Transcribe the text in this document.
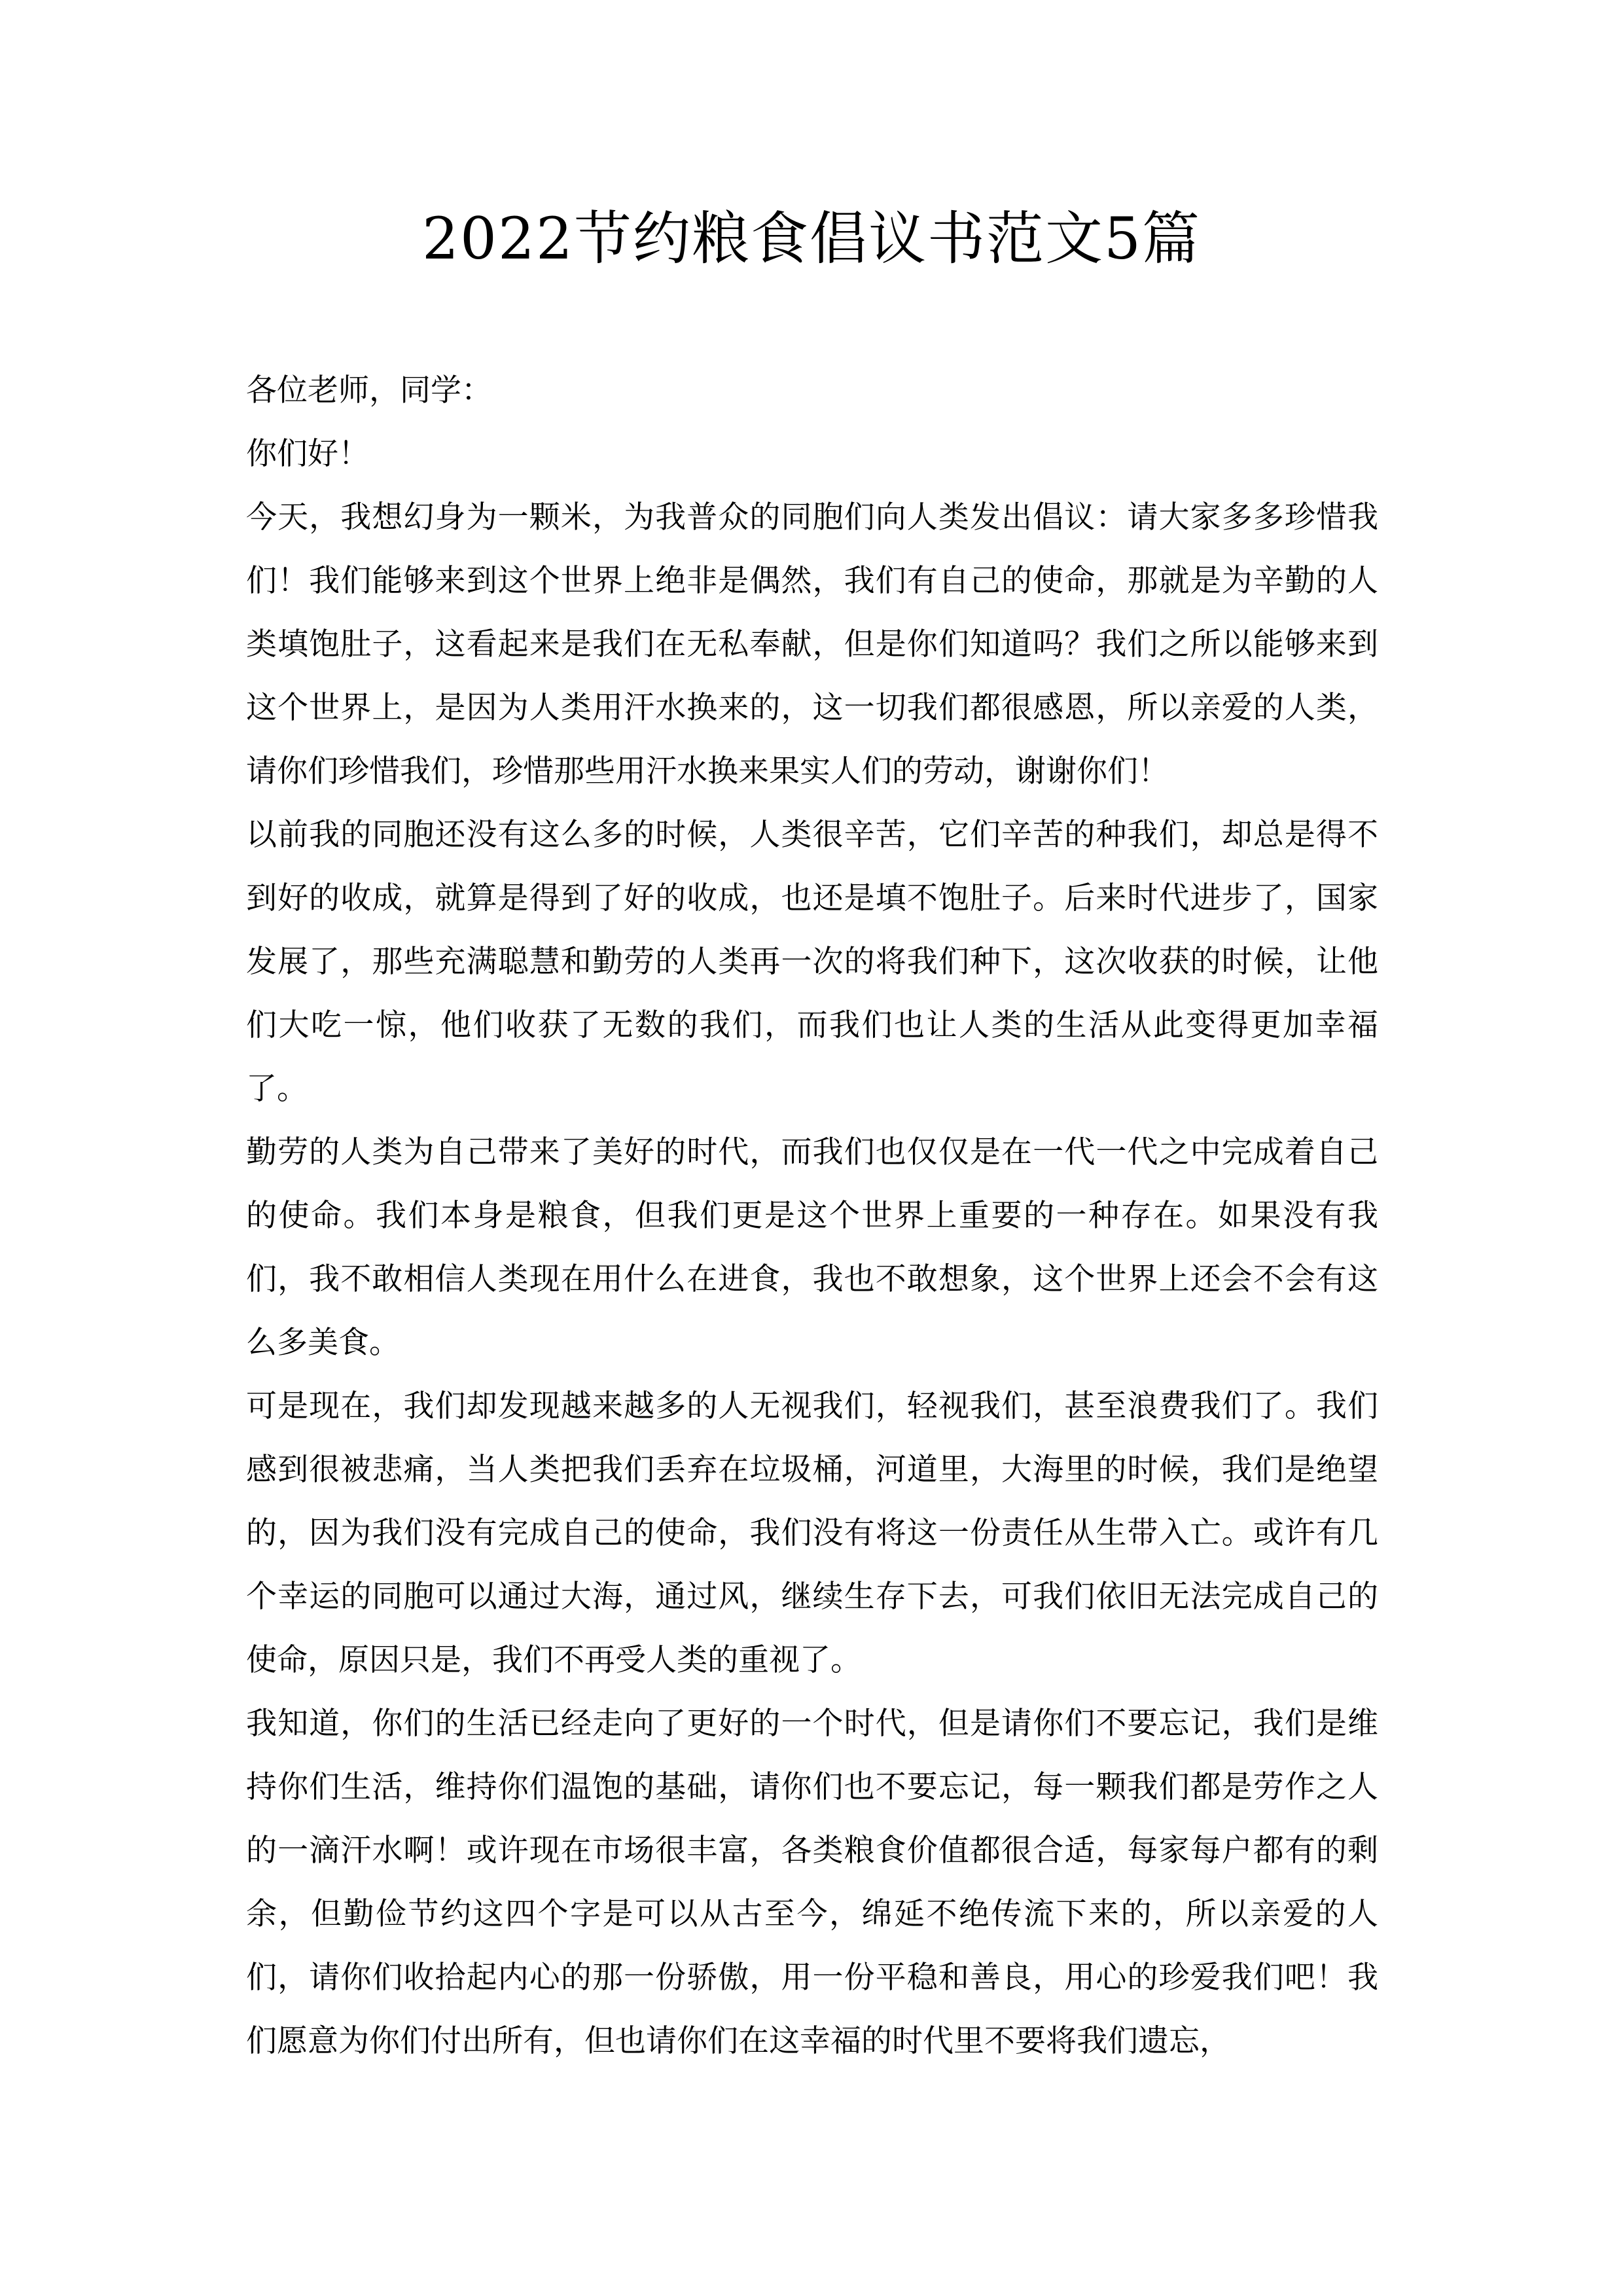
2022节约粮食倡议书范文5篇

各位老师，同学：

你们好！

今天，我想幻身为一颗米，为我普众的同胞们向人类发出倡议：请大家多多珍惜我们！我们能够来到这个世界上绝非是偶然，我们有自己的使命，那就是为辛勤的人类填饱肚子，这看起来是我们在无私奉献，但是你们知道吗？我们之所以能够来到这个世界上，是因为人类用汗水换来的，这一切我们都很感恩，所以亲爱的人类，请你们珍惜我们，珍惜那些用汗水换来果实人们的劳动，谢谢你们！

以前我的同胞还没有这么多的时候，人类很辛苦，它们辛苦的种我们，却总是得不到好的收成，就算是得到了好的收成，也还是填不饱肚子。后来时代进步了，国家发展了，那些充满聪慧和勤劳的人类再一次的将我们种下，这次收获的时候，让他们大吃一惊，他们收获了无数的我们，而我们也让人类的生活从此变得更加幸福了。

勤劳的人类为自己带来了美好的时代，而我们也仅仅是在一代一代之中完成着自己的使命。我们本身是粮食，但我们更是这个世界上重要的一种存在。如果没有我们，我不敢相信人类现在用什么在进食，我也不敢想象，这个世界上还会不会有这么多美食。

可是现在，我们却发现越来越多的人无视我们，轻视我们，甚至浪费我们了。我们感到很被悲痛，当人类把我们丢弃在垃圾桶，河道里，大海里的时候，我们是绝望的，因为我们没有完成自己的使命，我们没有将这一份责任从生带入亡。或许有几个幸运的同胞可以通过大海，通过风，继续生存下去，可我们依旧无法完成自己的使命，原因只是，我们不再受人类的重视了。

我知道，你们的生活已经走向了更好的一个时代，但是请你们不要忘记，我们是维持你们生活，维持你们温饱的基础，请你们也不要忘记，每一颗我们都是劳作之人的一滴汗水啊！或许现在市场很丰富，各类粮食价值都很合适，每家每户都有的剩余，但勤俭节约这四个字是可以从古至今，绵延不绝传流下来的，所以亲爱的人们，请你们收拾起内心的那一份骄傲，用一份平稳和善良，用心的珍爱我们吧！我们愿意为你们付出所有，但也请你们在这幸福的时代里不要将我们遗忘，
